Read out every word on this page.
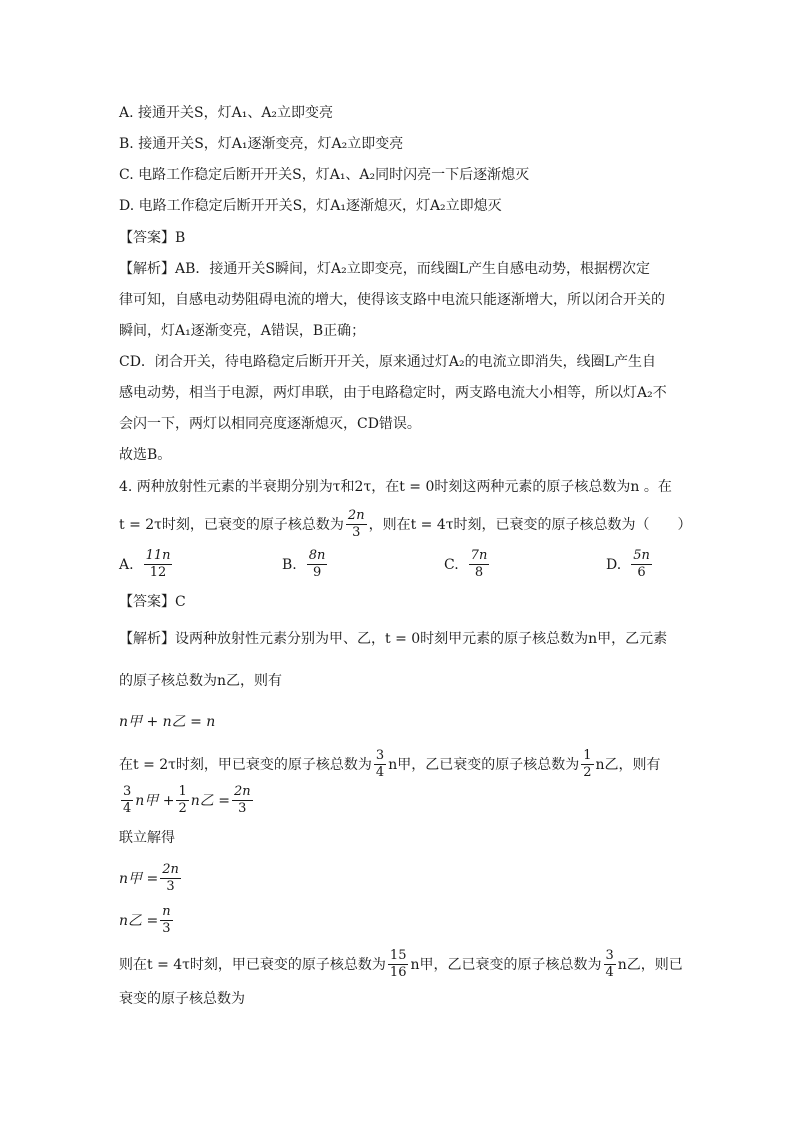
A. 接通开关S，灯A₁、A₂立即变亮
B. 接通开关S，灯A₁逐渐变亮，灯A₂立即变亮
C. 电路工作稳定后断开开关S，灯A₁、A₂同时闪亮一下后逐渐熄灭
D. 电路工作稳定后断开开关S，灯A₁逐渐熄灭，灯A₂立即熄灭
【答案】B
【解析】AB．接通开关S瞬间，灯A₂立即变亮，而线圈L产生自感电动势，根据楞次定
律可知，自感电动势阻碍电流的增大，使得该支路中电流只能逐渐增大，所以闭合开关的
瞬间，灯A₁逐渐变亮，A错误，B正确；
CD．闭合开关，待电路稳定后断开开关，原来通过灯A₂的电流立即消失，线圈L产生自
感电动势，相当于电源，两灯串联，由于电路稳定时，两支路电流大小相等，所以灯A₂不
会闪一下，两灯以相同亮度逐渐熄灭，CD错误。
故选B。
4. 两种放射性元素的半衰期分别为τ和2τ，在t = 0时刻这两种元素的原子核总数为n 。在
t = 2τ时刻，已衰变的原子核总数为 $\frac{2n}{3}$ ，则在t = 4τ时刻，已衰变的原子核总数为（　　）
A. $\frac{11n}{12}$	B. $\frac{8n}{9}$	C. $\frac{7n}{8}$	D. $\frac{5n}{6}$
【答案】C
【解析】设两种放射性元素分别为甲、乙，t = 0时刻甲元素的原子核总数为n甲，乙元素
的原子核总数为n乙，则有
n甲 + n乙 = n
在t = 2τ时刻，甲已衰变的原子核总数为 $\frac{3}{4}$ n甲，乙已衰变的原子核总数为 $\frac{1}{2}$ n乙，则有
$\frac{3}{4}$ n甲 + $\frac{1}{2}$ n乙 = $\frac{2n}{3}$
联立解得
n甲 = $\frac{2n}{3}$
n乙 = $\frac{n}{3}$
则在t = 4τ时刻，甲已衰变的原子核总数为 $\frac{15}{16}$ n甲，乙已衰变的原子核总数为 $\frac{3}{4}$ n乙，则已
衰变的原子核总数为
